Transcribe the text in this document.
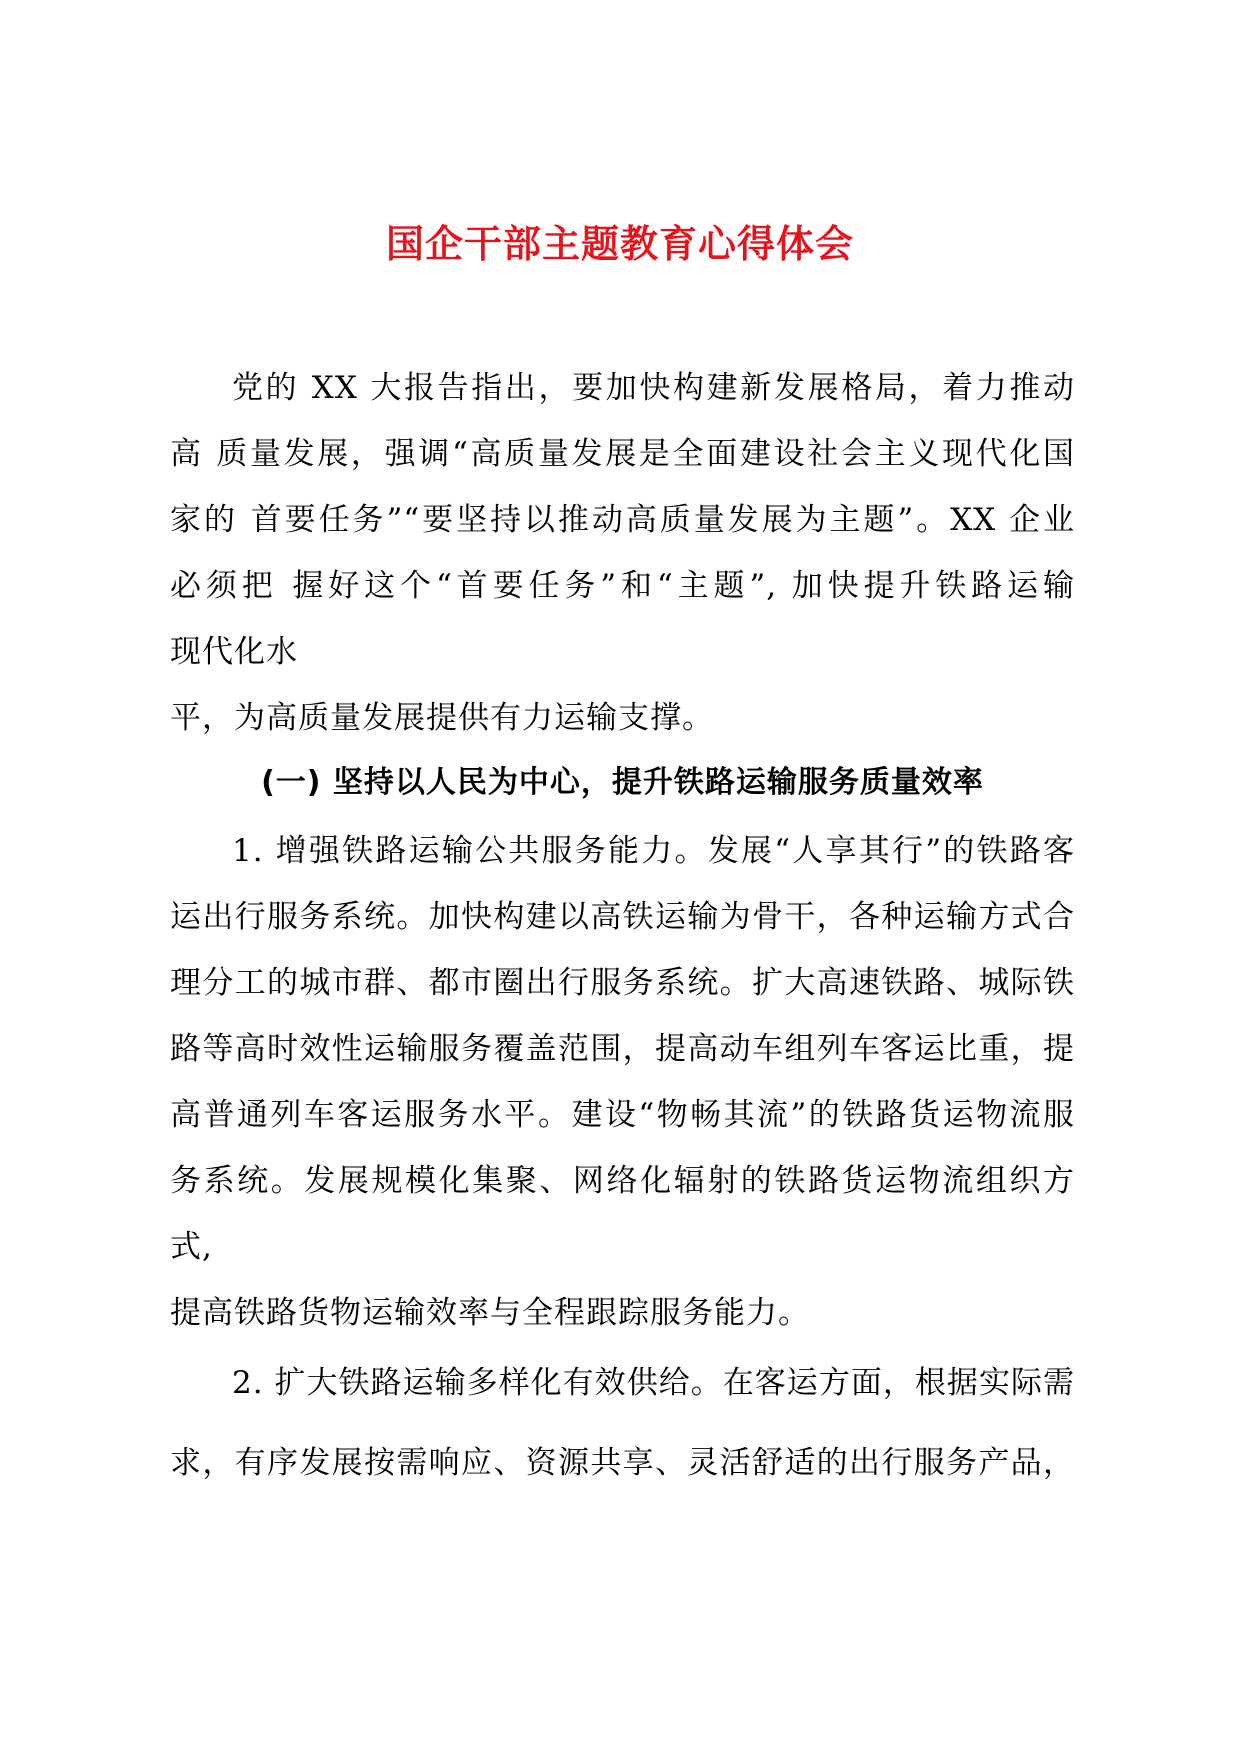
国企干部主题教育心得体会
党的 XX 大报告指出，要加快构建新发展格局，着力推动
高 质量发展，强调“高质量发展是全面建设社会主义现代化国
家的 首要任务”“要坚持以推动高质量发展为主题”。XX 企业
必须把 握好这个“首要任务”和“主题”, 加快提升铁路运输
现代化水
平，为高质量发展提供有力运输支撑。
(一) 坚持以人民为中心，提升铁路运输服务质量效率
1. 增强铁路运输公共服务能力。发展“人享其行”的铁路客
运出行服务系统。加快构建以高铁运输为骨干，各种运输方式合
理分工的城市群、都市圈出行服务系统。扩大高速铁路、城际铁
路等高时效性运输服务覆盖范围，提高动车组列车客运比重，提
高普通列车客运服务水平。建设“物畅其流”的铁路货运物流服
务系统。发展规模化集聚、网络化辐射的铁路货运物流组织方
式,
提高铁路货物运输效率与全程跟踪服务能力。
2. 扩大铁路运输多样化有效供给。在客运方面，根据实际需
求，有序发展按需响应、资源共享、灵活舒适的出行服务产品，
